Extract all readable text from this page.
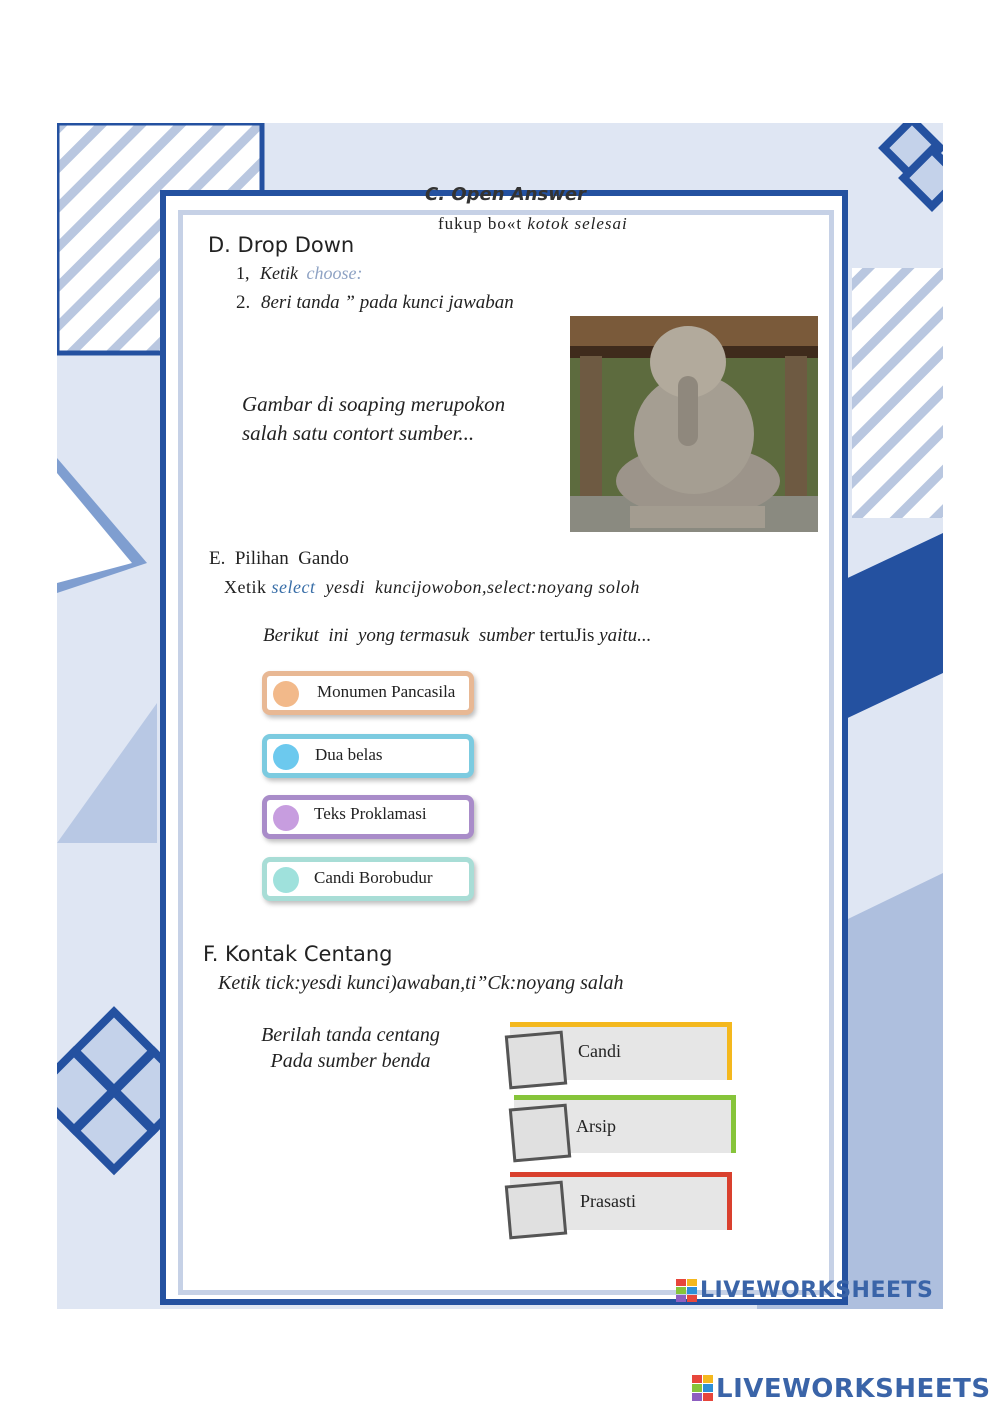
C. Open Answer
fukup bo«t kotok selesai
D. Drop Down
1, Ketik choose:
2. 8eri tanda ” pada kunci jawaban
Gambar di soaping merupokon
salah satu contort sumber...
E.  Pilihan  Gando
Xetik select yesdi  kuncijowobon,select:noyang soloh
Berikut  ini  yong termasuk  sumber tertuJis yaitu...
Monumen Pancasila
Dua belas
Teks Proklamasi
Candi Borobudur
F. Kontak Centang
Ketik tick:yesdi kunci)awaban,ti”Ck:noyang salah
Berilah tanda centang
Pada sumber benda	Candi
Arsip
Prasasti
LIVEWORKSHEETS
LIVEWORKSHEETS
